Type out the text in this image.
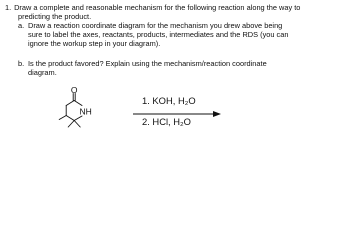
1. Draw a complete and reasonable mechanism for the following reaction along the way to
predicting the product.
a. Draw a reaction coordinate diagram for the mechanism you drew above being
sure to label the axes, reactants, products, intermediates and the RDS (you can
ignore the workup step in your diagram).
b. Is the product favored? Explain using the mechanism/reaction coordinate
diagram.
O
NH
1. KOH, H₂O
2. HCl, H₂O
